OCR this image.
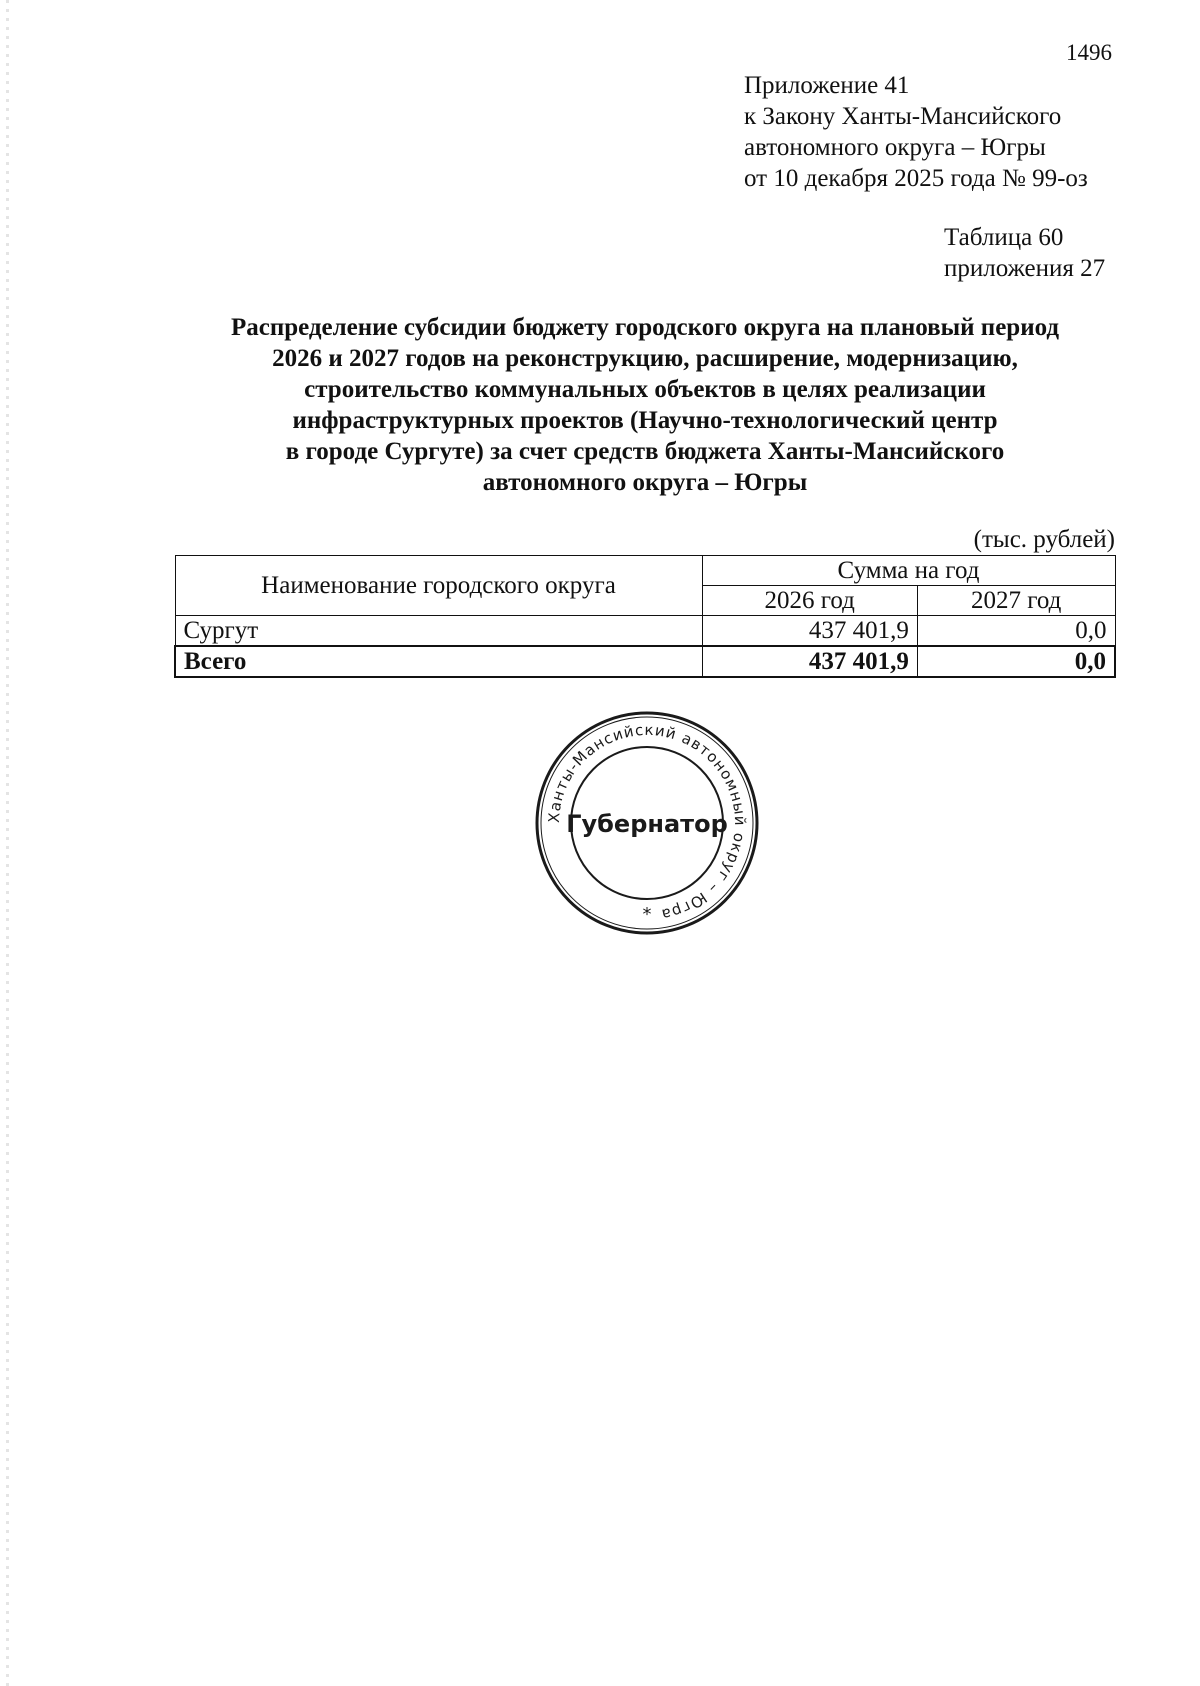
1496
Приложение 41
к Закону Ханты-Мансийского
автономного округа – Югры
от 10 декабря 2025 года № 99-оз
Таблица 60
приложения 27
Распределение субсидии бюджету городского округа на плановый период
2026 и 2027 годов на реконструкцию, расширение, модернизацию,
строительство коммунальных объектов в целях реализации
инфраструктурных проектов (Научно-технологический центр
в городе Сургуте) за счет средств бюджета Ханты-Мансийского
автономного округа – Югры
(тыс. рублей)
Наименование городского округа	Сумма на год	
	2026 год	2027 год
Сургут	437 401,9	0,0
Всего	437 401,9	0,0
Ханты-Мансийский автономный округ – Югра
Губернатор
*
